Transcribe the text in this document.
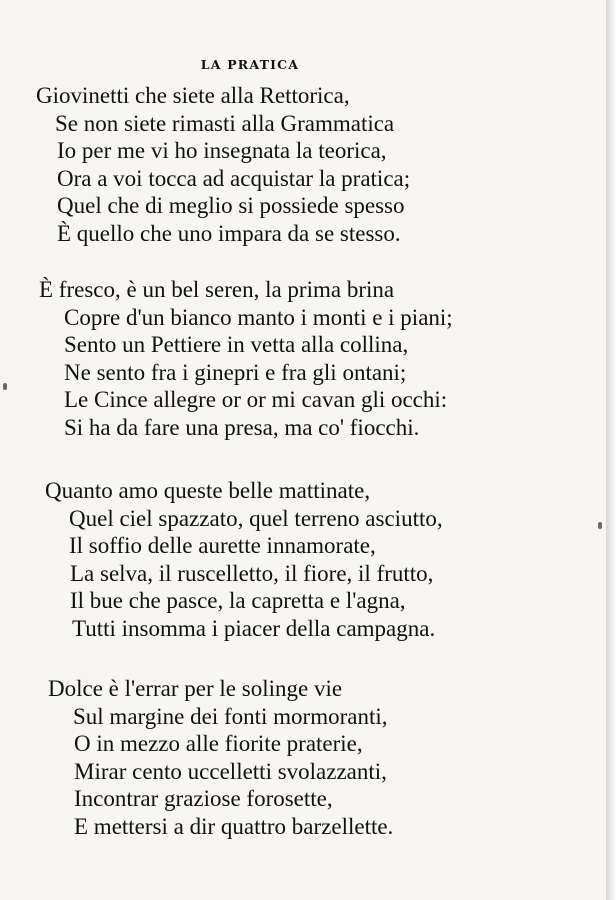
LA PRATICA
Giovinetti che siete alla Rettorica,
Se non siete rimasti alla Grammatica
Io per me vi ho insegnata la teorica,
Ora a voi tocca ad acquistar la pratica;
Quel che di meglio si possiede spesso
È quello che uno impara da se stesso.
È fresco, è un bel seren, la prima brina
Copre d'un bianco manto i monti e i piani;
Sento un Pettiere in vetta alla collina,
Ne sento fra i ginepri e fra gli ontani;
Le Cince allegre or or mi cavan gli occhi:
Si ha da fare una presa, ma co' fiocchi.
Quanto amo queste belle mattinate,
Quel ciel spazzato, quel terreno asciutto,
Il soffio delle aurette innamorate,
La selva, il ruscelletto, il fiore, il frutto,
Il bue che pasce, la capretta e l'agna,
Tutti insomma i piacer della campagna.
Dolce è l'errar per le solinge vie
Sul margine dei fonti mormoranti,
O in mezzo alle fiorite praterie,
Mirar cento uccelletti svolazzanti,
Incontrar graziose forosette,
E mettersi a dir quattro barzellette.
